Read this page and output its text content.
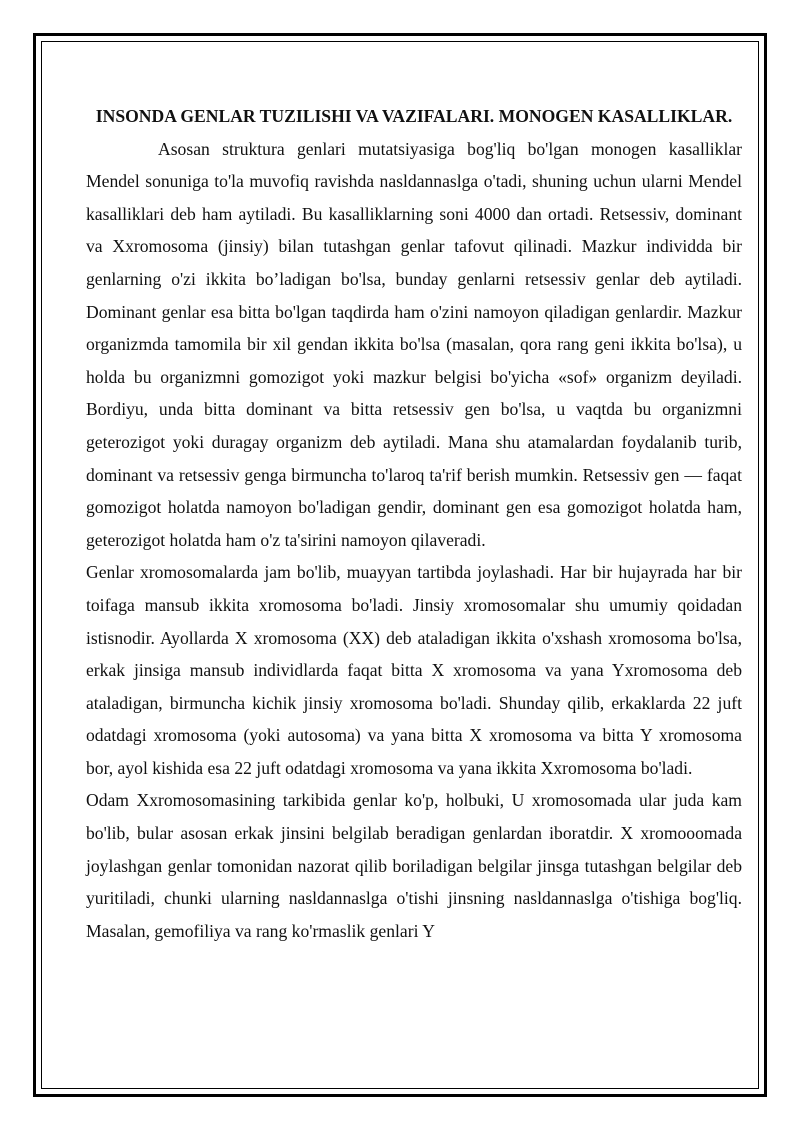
INSONDA GENLAR TUZILISHI VA VAZIFALARI. MONOGEN KASALLIKLAR.

Asosan struktura genlari mutatsiyasiga bog'liq bo'lgan monogen kasalliklar Mendel sonuniga to'la muvofiq ravishda nasldannaslga o'tadi, shuning uchun ularni Mendel kasalliklari deb ham aytiladi. Bu kasalliklarning soni 4000 dan ortadi. Retsessiv, dominant va Xxromosoma (jinsiy) bilan tutashgan genlar tafovut qilinadi. Mazkur individda bir genlarning o'zi ikkita bo’ladigan bo'lsa, bunday genlarni retsessiv genlar deb aytiladi. Dominant genlar esa bitta bo'lgan taqdirda ham o'zini namoyon qiladigan genlardir. Mazkur organizmda tamomila bir xil gendan ikkita bo'lsa (masalan, qora rang geni ikkita bo'lsa), u holda bu organizmni gomozigot yoki mazkur belgisi bo'yicha «sof» organizm deyiladi. Bordiyu, unda bitta dominant va bitta retsessiv gen bo'lsa, u vaqtda bu organizmni geterozigot yoki duragay organizm deb aytiladi. Mana shu atamalardan foydalanib turib, dominant va retsessiv genga birmuncha to'laroq ta'rif berish mumkin. Retsessiv gen — faqat gomozigot holatda namoyon bo'ladigan gendir, dominant gen esa gomozigot holatda ham, geterozigot holatda ham o'z ta'sirini namoyon qilaveradi.

Genlar xromosomalarda jam bo'lib, muayyan tartibda joylashadi. Har bir hujayrada har bir toifaga mansub ikkita xromosoma bo'ladi. Jinsiy xromosomalar shu umumiy qoidadan istisnodir. Ayollarda X xromosoma (XX) deb ataladigan ikkita o'xshash xromosoma bo'lsa, erkak jinsiga mansub individlarda faqat bitta X xromosoma va yana Yxromosoma deb ataladigan, birmuncha kichik jinsiy xromosoma bo'ladi. Shunday qilib, erkaklarda 22 juft odatdagi xromosoma (yoki autosoma) va yana bitta X xromosoma va bitta Y xromosoma bor, ayol kishida esa 22 juft odatdagi xromosoma va yana ikkita Xxromosoma bo'ladi.

Odam Xxromosomasining tarkibida genlar ko'p, holbuki, U xromosomada ular juda kam bo'lib, bular asosan erkak jinsini belgilab beradigan genlardan iboratdir. X xromooomada joylashgan genlar tomonidan nazorat qilib boriladigan belgilar jinsga tutashgan belgilar deb yuritiladi, chunki ularning nasldannaslga o'tishi jinsning nasldannaslga o'tishiga bog'liq. Masalan, gemofiliya va rang ko'rmaslik genlari Y
